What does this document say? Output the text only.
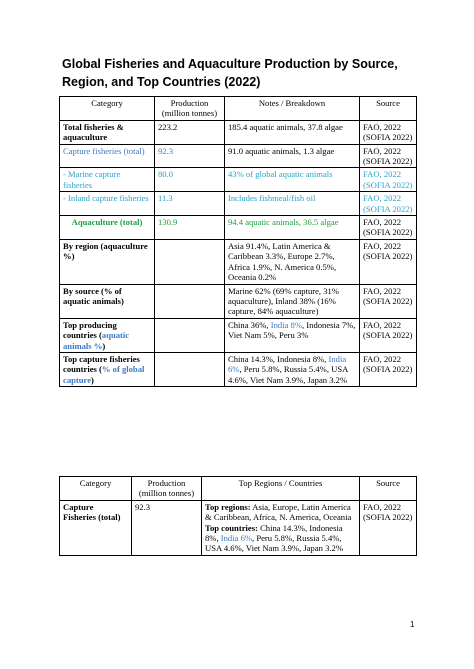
Global Fisheries and Aquaculture Production by Source, Region, and Top Countries (2022)
Category	Production (million tonnes)	Notes / Breakdown	Source
Total fisheries & aquaculture	223.2	185.4 aquatic animals, 37.8 algae	FAO, 2022 (SOFIA 2022)
Capture fisheries (total)	92.3	91.0 aquatic animals, 1.3 algae	FAO, 2022 (SOFIA 2022)
- Marine capture fisheries	80.0	43% of global aquatic animals	FAO, 2022 (SOFIA 2022)
- Inland capture fisheries	11.3	Includes fishmeal/fish oil	FAO, 2022 (SOFIA 2022)
Aquaculture (total)	130.9	94.4 aquatic animals, 36.5 algae	FAO, 2022 (SOFIA 2022)
By region (aquaculture %)		Asia 91.4%, Latin America & Caribbean 3.3%, Europe 2.7%, Africa 1.9%, N. America 0.5%, Oceania 0.2%	FAO, 2022 (SOFIA 2022)
By source (% of aquatic animals)		Marine 62% (69% capture, 31% aquaculture), Inland 38% (16% capture, 84% aquaculture)	FAO, 2022 (SOFIA 2022)
Top producing countries (aquatic animals %)		China 36%, India 8%, Indonesia 7%, Viet Nam 5%, Peru 3%	FAO, 2022 (SOFIA 2022)
Top capture fisheries countries (% of global capture)		China 14.3%, Indonesia 8%, India 6%, Peru 5.8%, Russia 5.4%, USA 4.6%, Viet Nam 3.9%, Japan 3.2%	FAO, 2022 (SOFIA 2022)
Category	Production (million tonnes)	Top Regions / Countries	Source
Capture Fisheries (total)	92.3	Top regions: Asia, Europe, Latin America & Caribbean, Africa, N. America, Oceania
Top countries: China 14.3%, Indonesia 8%, India 6%, Peru 5.8%, Russia 5.4%, USA 4.6%, Viet Nam 3.9%, Japan 3.2%	FAO, 2022 (SOFIA 2022)
1
